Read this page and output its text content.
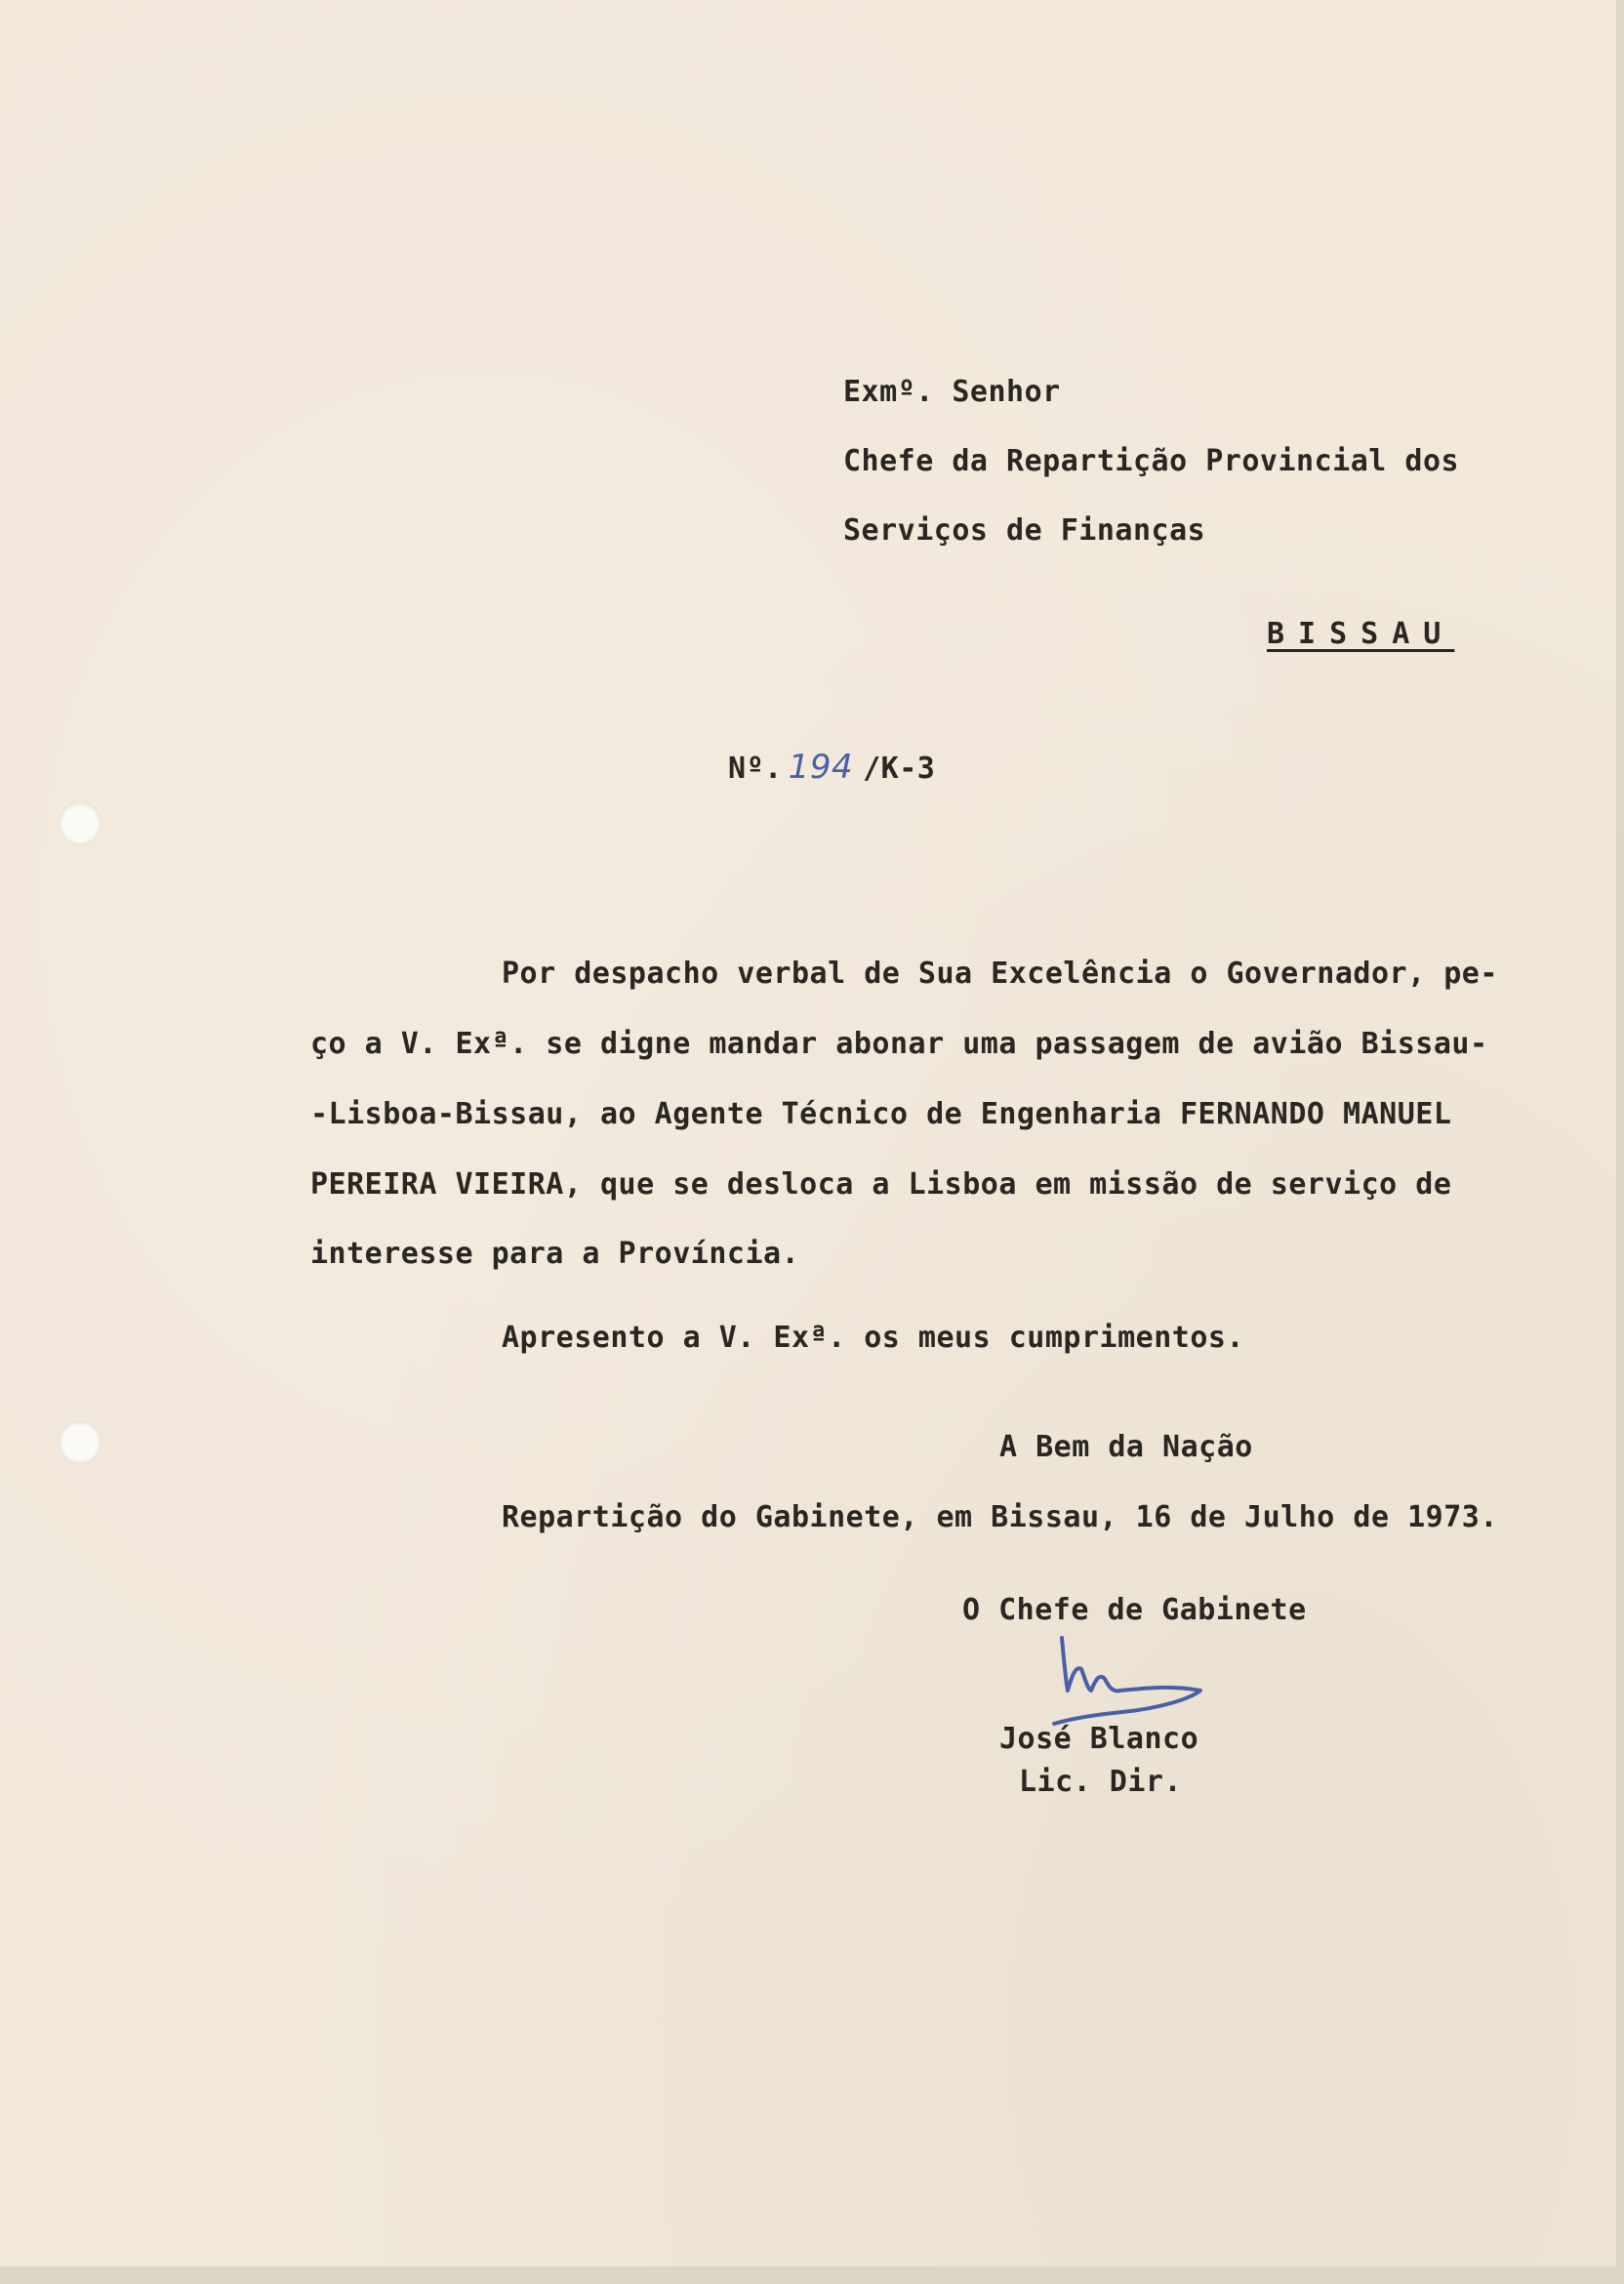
Exmº. Senhor
Chefe da Repartição Provincial dos
Serviços de Finanças
BISSAU
Nº. 194 /K-3
Por despacho verbal de Sua Excelência o Governador, pe-
ço a V. Exª. se digne mandar abonar uma passagem de avião Bissau-
-Lisboa-Bissau, ao Agente Técnico de Engenharia FERNANDO MANUEL
PEREIRA VIEIRA, que se desloca a Lisboa em missão de serviço de
interesse para a Província.
Apresento a V. Exª. os meus cumprimentos.
A Bem da Nação
Repartição do Gabinete, em Bissau, 16 de Julho de 1973.
O Chefe de Gabinete
José Blanco
Lic. Dir.
